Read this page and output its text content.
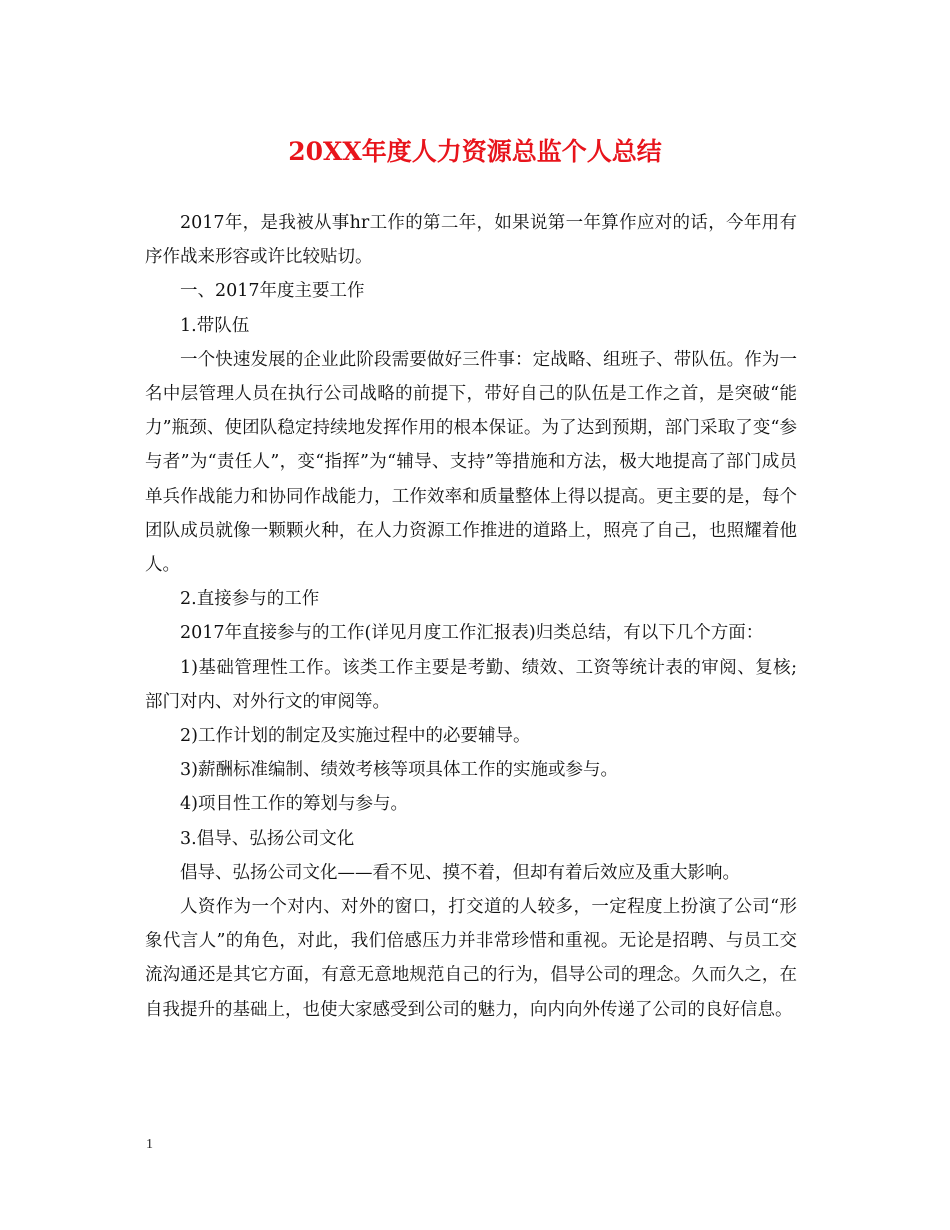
20XX年度人力资源总监个人总结

2017年，是我被从事hr工作的第二年，如果说第一年算作应对的话，今年用有序作战来形容或许比较贴切。

一、2017年度主要工作

1.带队伍

一个快速发展的企业此阶段需要做好三件事：定战略、组班子、带队伍。作为一名中层管理人员在执行公司战略的前提下，带好自己的队伍是工作之首，是突破“能力”瓶颈、使团队稳定持续地发挥作用的根本保证。为了达到预期，部门采取了变“参与者”为“责任人”，变“指挥”为“辅导、支持”等措施和方法，极大地提高了部门成员单兵作战能力和协同作战能力，工作效率和质量整体上得以提高。更主要的是，每个团队成员就像一颗颗火种，在人力资源工作推进的道路上，照亮了自己，也照耀着他人。

2.直接参与的工作

2017年直接参与的工作(详见月度工作汇报表)归类总结，有以下几个方面：

1)基础管理性工作。该类工作主要是考勤、绩效、工资等统计表的审阅、复核;部门对内、对外行文的审阅等。

2)工作计划的制定及实施过程中的必要辅导。

3)薪酬标准编制、绩效考核等项具体工作的实施或参与。

4)项目性工作的筹划与参与。

3.倡导、弘扬公司文化

倡导、弘扬公司文化——看不见、摸不着，但却有着后效应及重大影响。

人资作为一个对内、对外的窗口，打交道的人较多，一定程度上扮演了公司“形象代言人”的角色，对此，我们倍感压力并非常珍惜和重视。无论是招聘、与员工交流沟通还是其它方面，有意无意地规范自己的行为，倡导公司的理念。久而久之，在自我提升的基础上，也使大家感受到公司的魅力，向内向外传递了公司的良好信息。

1
